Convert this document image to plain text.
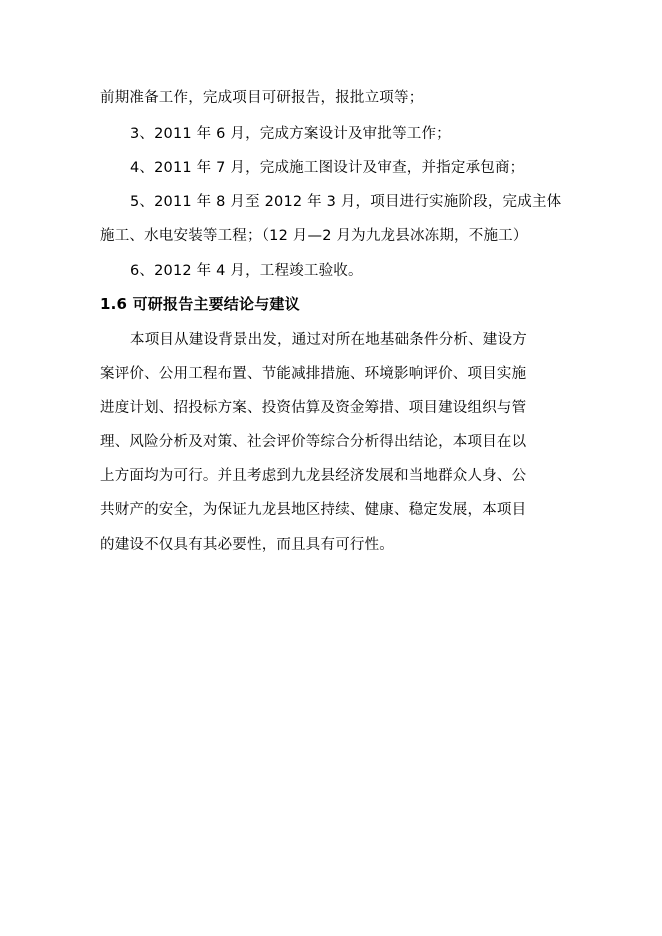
前期准备工作，完成项目可研报告，报批立项等；
3、2011 年 6 月，完成方案设计及审批等工作；
4、2011 年 7 月，完成施工图设计及审查，并指定承包商；
5、2011 年 8 月至 2012 年 3 月，项目进行实施阶段，完成主体
施工、水电安装等工程；（12 月—2 月为九龙县冰冻期，不施工）
6、2012 年 4 月，工程竣工验收。
1.6 可研报告主要结论与建议
本项目从建设背景出发，通过对所在地基础条件分析、建设方
案评价、公用工程布置、节能减排措施、环境影响评价、项目实施
进度计划、招投标方案、投资估算及资金筹措、项目建设组织与管
理、风险分析及对策、社会评价等综合分析得出结论，本项目在以
上方面均为可行。并且考虑到九龙县经济发展和当地群众人身、公
共财产的安全，为保证九龙县地区持续、健康、稳定发展，本项目
的建设不仅具有其必要性，而且具有可行性。
